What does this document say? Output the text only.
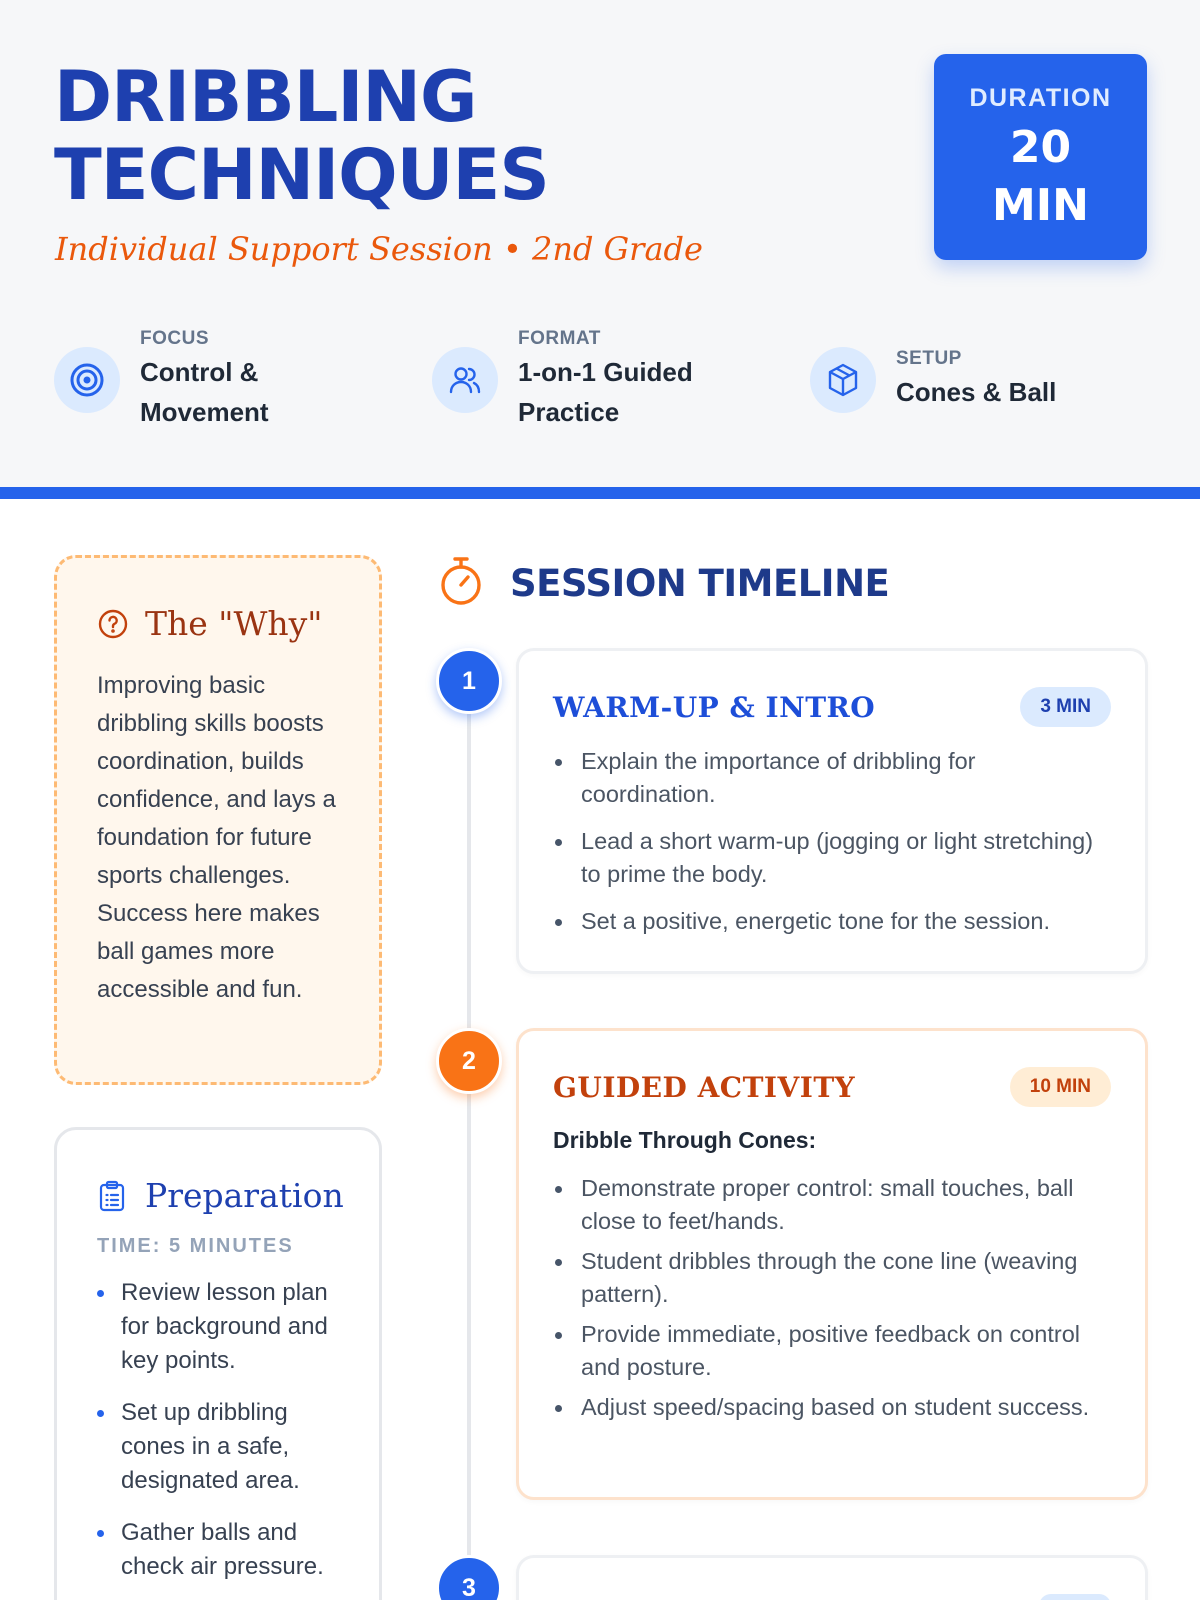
DRIBBLING
TECHNIQUES
Individual Support Session • 2nd Grade
DURATION
20
MIN
FOCUS
Control &
Movement
FORMAT
1-on-1 Guided
Practice
SETUP
Cones & Ball
The "Why"

Improving basic dribbling skills boosts coordination, builds confidence, and lays a foundation for future sports challenges. Success here makes ball games more accessible and fun.

Preparation
TIME: 5 MINUTES
Review lesson plan for background and key points.
Set up dribbling cones in a safe, designated area.
Gather balls and check air pressure.
SESSION TIMELINE
1
WARM-UP & INTRO	3 MIN
Explain the importance of dribbling for coordination.
Lead a short warm-up (jogging or light stretching) to prime the body.
Set a positive, energetic tone for the session.
2
GUIDED ACTIVITY	10 MIN
Dribble Through Cones:
Demonstrate proper control: small touches, ball close to feet/hands.
Student dribbles through the cone line (weaving pattern).
Provide immediate, positive feedback on control and posture.
Adjust speed/spacing based on student success.
3
